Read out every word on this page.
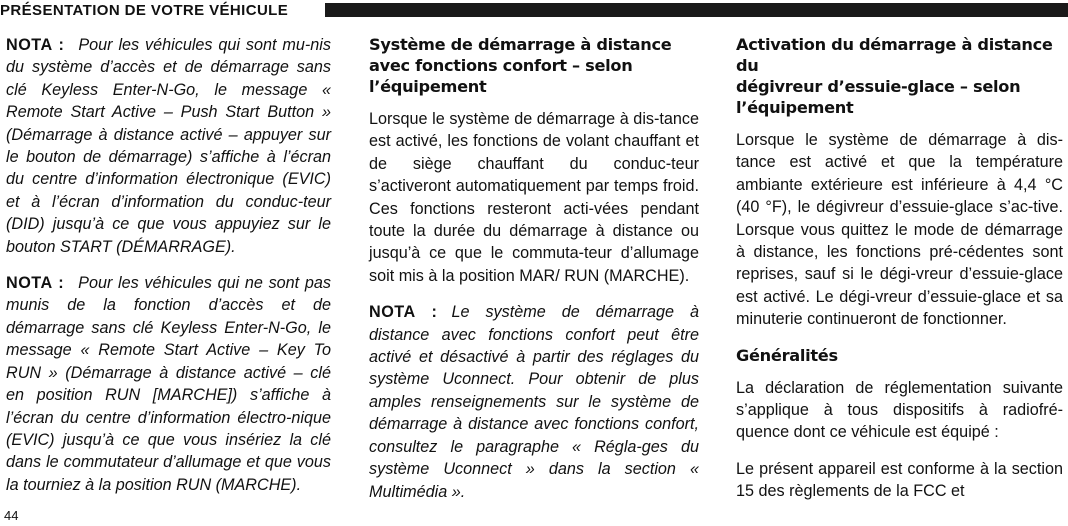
PRÉSENTATION DE VOTRE VÉHICULE

NOTA : Pour les véhicules qui sont mu-nis du système d’accès et de démarrage sans clé Keyless Enter-N-Go, le message « Remote Start Active – Push Start Button » (Démarrage à distance activé – appuyer sur le bouton de démarrage) s’affiche à l’écran du centre d’information électronique (EVIC) et à l’écran d’information du conduc-teur (DID) jusqu’à ce que vous appuyiez sur le bouton START (DÉMARRAGE).

NOTA : Pour les véhicules qui ne sont pas munis de la fonction d’accès et de démarrage sans clé Keyless Enter-N-Go, le message « Remote Start Active – Key To RUN » (Démarrage à distance activé – clé en position RUN [MARCHE]) s’affiche à l’écran du centre d’information électro-nique (EVIC) jusqu’à ce que vous insériez la clé dans le commutateur d’allumage et que vous la tourniez à la position RUN (MARCHE).

Système de démarrage à distance
avec fonctions confort – selon
l’équipement

Lorsque le système de démarrage à dis-tance est activé, les fonctions de volant chauffant et de siège chauffant du conduc-teur s’activeront automatiquement par temps froid. Ces fonctions resteront acti-vées pendant toute la durée du démarrage à distance ou jusqu’à ce que le commuta-teur d’allumage soit mis à la position MAR/ RUN (MARCHE).

NOTA : Le système de démarrage à distance avec fonctions confort peut être activé et désactivé à partir des réglages du système Uconnect. Pour obtenir de plus amples renseignements sur le système de démarrage à distance avec fonctions confort, consultez le paragraphe « Régla-ges du système Uconnect » dans la section « Multimédia ».

Activation du démarrage à distance du
dégivreur d’essuie-glace – selon
l’équipement

Lorsque le système de démarrage à dis-tance est activé et que la température ambiante extérieure est inférieure à 4,4 °C (40 °F), le dégivreur d’essuie-glace s’ac-tive. Lorsque vous quittez le mode de démarrage à distance, les fonctions pré-cédentes sont reprises, sauf si le dégi-vreur d’essuie-glace est activé. Le dégi-vreur d’essuie-glace et sa minuterie continueront de fonctionner.

Généralités

La déclaration de réglementation suivante s’applique à tous dispositifs à radiofré-quence dont ce véhicule est équipé :

Le présent appareil est conforme à la section 15 des règlements de la FCC et

44
